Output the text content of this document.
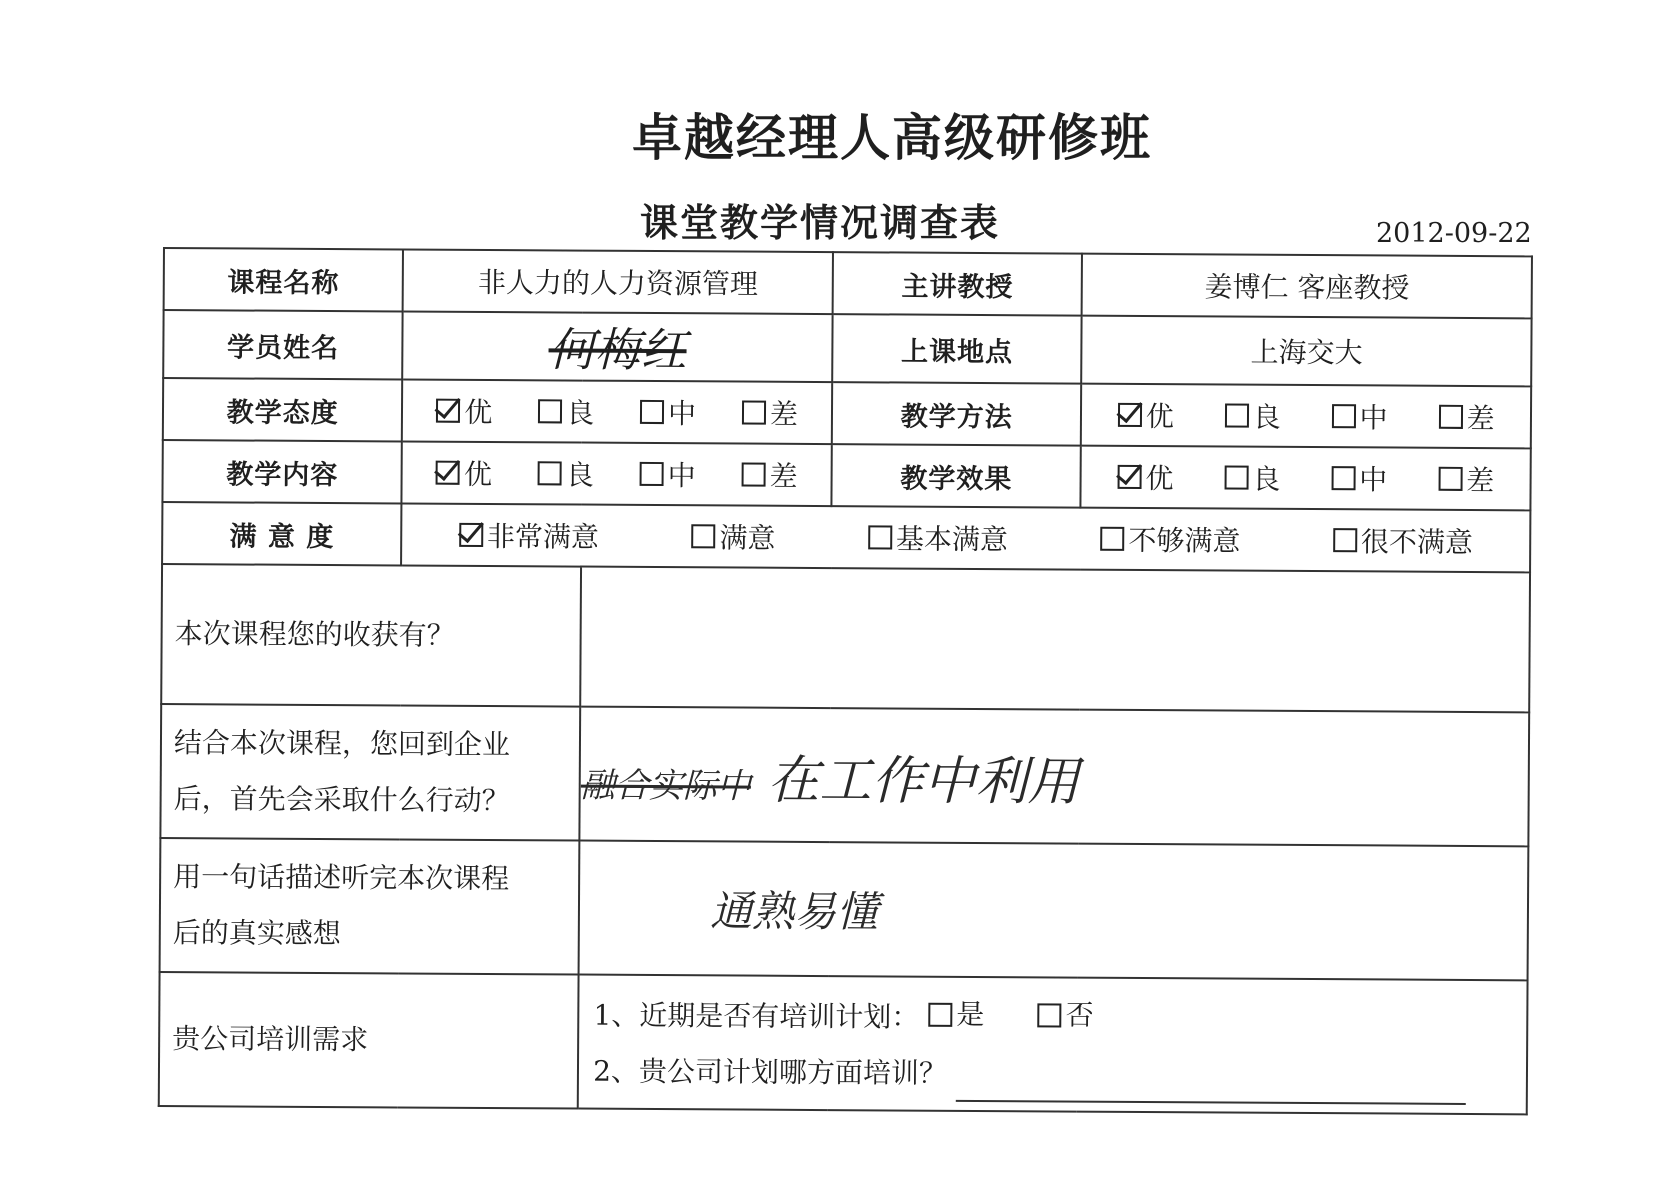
卓越经理人高级研修班
课堂教学情况调查表	2012-09-22
课程名称	非人力的人力资源管理		主讲教授	姜博仁 客座教授
学员姓名	何梅红		上课地点	上海交大
教学态度	优 良 中 差		教学方法	优 良 中 差

教学内容	优 良 中 差		教学效果	优 良 中 差

满 意 度	非常满意 满意 基本满意 不够满意 很不满意			

本次课程您的收获有？				

结合本次课程，您回到企业
后，首先会采取什么行动？		融合实际中 在工作中利用		

用一句话描述听完本次课程
后的真实感想		通熟易懂		
贵公司培训需求		1、近期是否有培训计划： 是
否
2、贵公司计划哪方面培训？		
